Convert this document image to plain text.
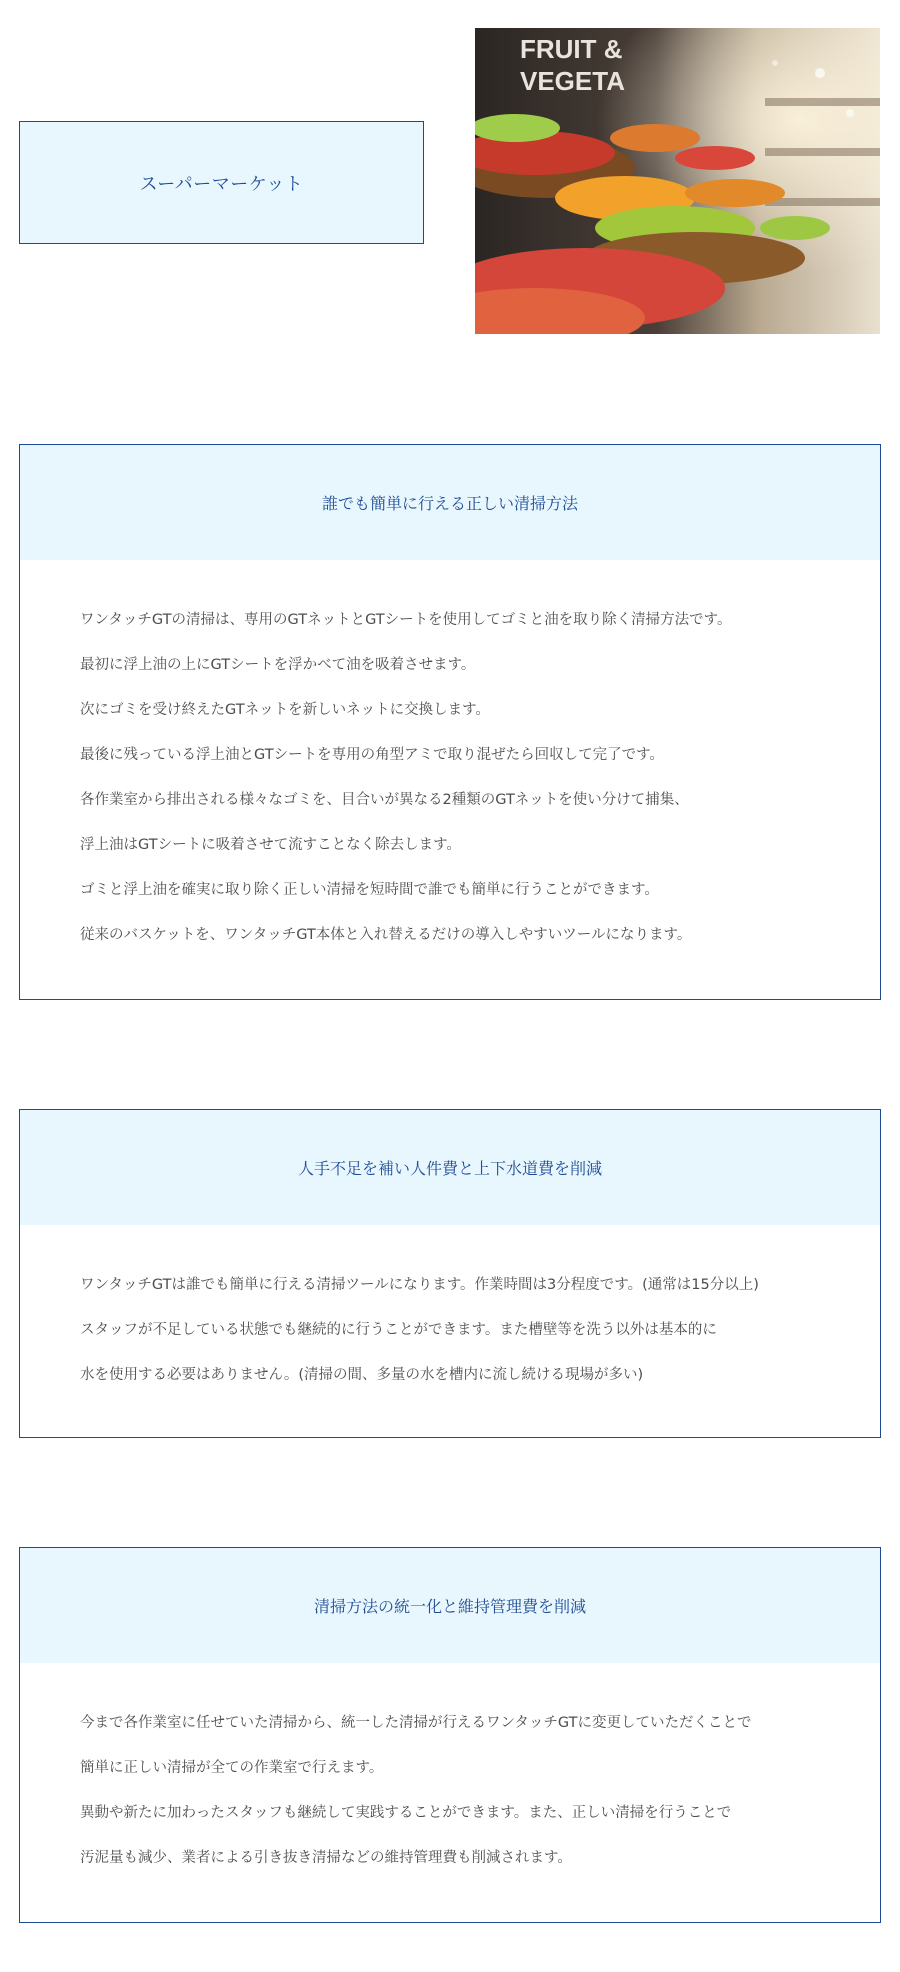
スーパーマーケット
FRUIT &
VEGETA
誰でも簡単に行える正しい清掃方法
ワンタッチGTの清掃は、専用のGTネットとGTシートを使用してゴミと油を取り除く清掃方法です。
最初に浮上油の上にGTシートを浮かべて油を吸着させます。
次にゴミを受け終えたGTネットを新しいネットに交換します。
最後に残っている浮上油とGTシートを専用の角型アミで取り混ぜたら回収して完了です。
各作業室から排出される様々なゴミを、目合いが異なる2種類のGTネットを使い分けて捕集、
浮上油はGTシートに吸着させて流すことなく除去します。
ゴミと浮上油を確実に取り除く正しい清掃を短時間で誰でも簡単に行うことができます。
従来のバスケットを、ワンタッチGT本体と入れ替えるだけの導入しやすいツールになります。
人手不足を補い人件費と上下水道費を削減
ワンタッチGTは誰でも簡単に行える清掃ツールになります。作業時間は3分程度です。(通常は15分以上)
スタッフが不足している状態でも継続的に行うことができます。また槽壁等を洗う以外は基本的に
水を使用する必要はありません。(清掃の間、多量の水を槽内に流し続ける現場が多い)
清掃方法の統一化と維持管理費を削減
今まで各作業室に任せていた清掃から、統一した清掃が行えるワンタッチGTに変更していただくことで
簡単に正しい清掃が全ての作業室で行えます。
異動や新たに加わったスタッフも継続して実践することができます。また、正しい清掃を行うことで
汚泥量も減少、業者による引き抜き清掃などの維持管理費も削減されます。
